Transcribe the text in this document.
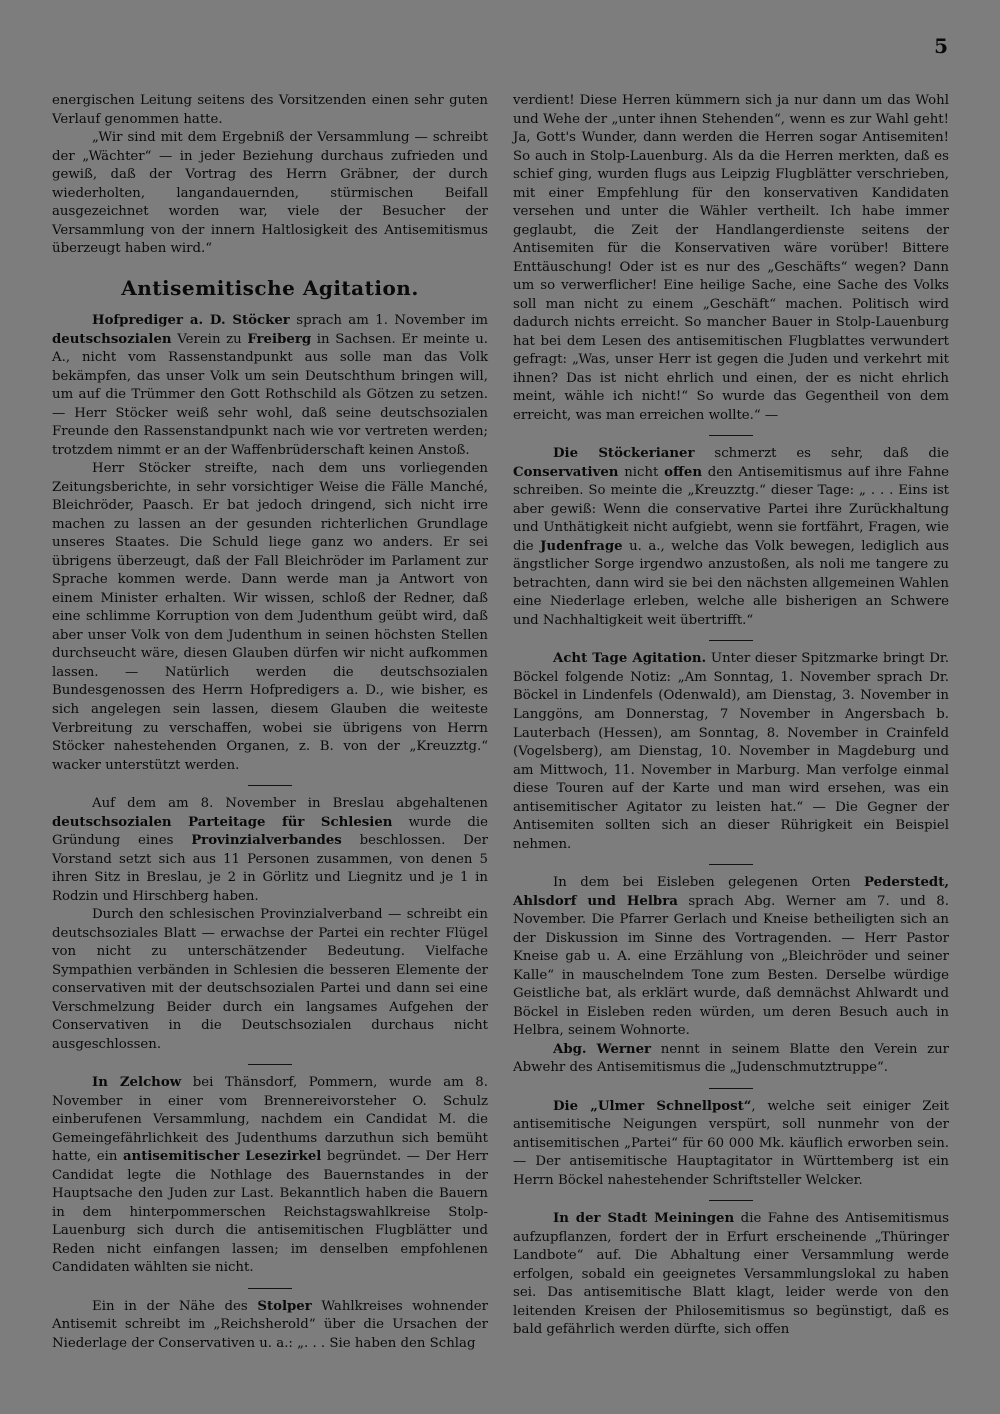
5

energischen Leitung seitens des Vorsitzenden einen sehr guten Verlauf genommen hatte.

„Wir sind mit dem Ergebniß der Versammlung — schreibt der „Wächter“ — in jeder Beziehung durchaus zufrieden und gewiß, daß der Vortrag des Herrn Gräbner, der durch wiederholten, langandauernden, stürmischen Beifall ausgezeichnet worden war, viele der Besucher der Versammlung von der innern Haltlosigkeit des Antisemitismus überzeugt haben wird.“

Antisemitische Agitation.

Hofprediger a. D. Stöcker sprach am 1. November im deutschsozialen Verein zu Freiberg in Sachsen. Er meinte u. A., nicht vom Rassenstandpunkt aus solle man das Volk bekämpfen, das unser Volk um sein Deutschthum bringen will, um auf die Trümmer den Gott Rothschild als Götzen zu setzen. — Herr Stöcker weiß sehr wohl, daß seine deutschsozialen Freunde den Rassenstandpunkt nach wie vor vertreten werden; trotzdem nimmt er an der Waffenbrüderschaft keinen Anstoß.

Herr Stöcker streifte, nach dem uns vorliegenden Zeitungsberichte, in sehr vorsichtiger Weise die Fälle Manché, Bleichröder, Paasch. Er bat jedoch dringend, sich nicht irre machen zu lassen an der gesunden richterlichen Grundlage unseres Staates. Die Schuld liege ganz wo anders. Er sei übrigens überzeugt, daß der Fall Bleichröder im Parlament zur Sprache kommen werde. Dann werde man ja Antwort von einem Minister erhalten. Wir wissen, schloß der Redner, daß eine schlimme Korruption von dem Judenthum geübt wird, daß aber unser Volk von dem Judenthum in seinen höchsten Stellen durchseucht wäre, diesen Glauben dürfen wir nicht aufkommen lassen. — Natürlich werden die deutschsozialen Bundesgenossen des Herrn Hofpredigers a. D., wie bisher, es sich angelegen sein lassen, diesem Glauben die weiteste Verbreitung zu verschaffen, wobei sie übrigens von Herrn Stöcker nahestehenden Organen, z. B. von der „Kreuzztg.“ wacker unterstützt werden.

Auf dem am 8. November in Breslau abgehaltenen deutschsozialen Parteitage für Schlesien wurde die Gründung eines Provinzialverbandes beschlossen. Der Vorstand setzt sich aus 11 Personen zusammen, von denen 5 ihren Sitz in Breslau, je 2 in Görlitz und Liegnitz und je 1 in Rodzin und Hirschberg haben.

Durch den schlesischen Provinzialverband — schreibt ein deutschsoziales Blatt — erwachse der Partei ein rechter Flügel von nicht zu unterschätzender Bedeutung. Vielfache Sympathien verbänden in Schlesien die besseren Elemente der conservativen mit der deutschsozialen Partei und dann sei eine Verschmelzung Beider durch ein langsames Aufgehen der Conservativen in die Deutschsozialen durchaus nicht ausgeschlossen.

In Zelchow bei Thänsdorf, Pommern, wurde am 8. November in einer vom Brennereivorsteher O. Schulz einberufenen Versammlung, nachdem ein Candidat M. die Gemeingefährlichkeit des Judenthums darzuthun sich bemüht hatte, ein antisemitischer Lesezirkel begründet. — Der Herr Candidat legte die Nothlage des Bauernstandes in der Hauptsache den Juden zur Last. Bekanntlich haben die Bauern in dem hinterpommerschen Reichstagswahlkreise Stolp-Lauenburg sich durch die antisemitischen Flugblätter und Reden nicht einfangen lassen; im denselben empfohlenen Candidaten wählten sie nicht.

Ein in der Nähe des Stolper Wahlkreises wohnender Antisemit schreibt im „Reichsherold“ über die Ursachen der Niederlage der Conservativen u. a.: „. . . Sie haben den Schlag

verdient! Diese Herren kümmern sich ja nur dann um das Wohl und Wehe der „unter ihnen Stehenden“, wenn es zur Wahl geht! Ja, Gott's Wunder, dann werden die Herren sogar Antisemiten! So auch in Stolp-Lauenburg. Als da die Herren merkten, daß es schief ging, wurden flugs aus Leipzig Flugblätter verschrieben, mit einer Empfehlung für den konservativen Kandidaten versehen und unter die Wähler vertheilt. Ich habe immer geglaubt, die Zeit der Handlangerdienste seitens der Antisemiten für die Konservativen wäre vorüber! Bittere Enttäuschung! Oder ist es nur des „Geschäfts“ wegen? Dann um so verwerflicher! Eine heilige Sache, eine Sache des Volks soll man nicht zu einem „Geschäft“ machen. Politisch wird dadurch nichts erreicht. So mancher Bauer in Stolp-Lauenburg hat bei dem Lesen des antisemitischen Flugblattes verwundert gefragt: „Was, unser Herr ist gegen die Juden und verkehrt mit ihnen? Das ist nicht ehrlich und einen, der es nicht ehrlich meint, wähle ich nicht!“ So wurde das Gegentheil von dem erreicht, was man erreichen wollte.“ —

Die Stöckerianer schmerzt es sehr, daß die Conservativen nicht offen den Antisemitismus auf ihre Fahne schreiben. So meinte die „Kreuzztg.“ dieser Tage: „ . . . Eins ist aber gewiß: Wenn die conservative Partei ihre Zurückhaltung und Unthätigkeit nicht aufgiebt, wenn sie fortfährt, Fragen, wie die Judenfrage u. a., welche das Volk bewegen, lediglich aus ängstlicher Sorge irgendwo anzustoßen, als noli me tangere zu betrachten, dann wird sie bei den nächsten allgemeinen Wahlen eine Niederlage erleben, welche alle bisherigen an Schwere und Nachhaltigkeit weit übertrifft.“

Acht Tage Agitation. Unter dieser Spitzmarke bringt Dr. Böckel folgende Notiz: „Am Sonntag, 1. November sprach Dr. Böckel in Lindenfels (Odenwald), am Dienstag, 3. November in Langgöns, am Donnerstag, 7 November in Angersbach b. Lauterbach (Hessen), am Sonntag, 8. November in Crainfeld (Vogelsberg), am Dienstag, 10. November in Magdeburg und am Mittwoch, 11. November in Marburg. Man verfolge einmal diese Touren auf der Karte und man wird ersehen, was ein antisemitischer Agitator zu leisten hat.“ — Die Gegner der Antisemiten sollten sich an dieser Rührigkeit ein Beispiel nehmen.

In dem bei Eisleben gelegenen Orten Pederstedt, Ahlsdorf und Helbra sprach Abg. Werner am 7. und 8. November. Die Pfarrer Gerlach und Kneise betheiligten sich an der Diskussion im Sinne des Vortragenden. — Herr Pastor Kneise gab u. A. eine Erzählung von „Bleichröder und seiner Kalle“ in mauschelndem Tone zum Besten. Derselbe würdige Geistliche bat, als erklärt wurde, daß demnächst Ahlwardt und Böckel in Eisleben reden würden, um deren Besuch auch in Helbra, seinem Wohnorte.

Abg. Werner nennt in seinem Blatte den Verein zur Abwehr des Antisemitismus die „Judenschmutztruppe“.

Die „Ulmer Schnellpost“, welche seit einiger Zeit antisemitische Neigungen verspürt, soll nunmehr von der antisemitischen „Partei“ für 60 000 Mk. käuflich erworben sein. — Der antisemitische Hauptagitator in Württemberg ist ein Herrn Böckel nahestehender Schriftsteller Welcker.

In der Stadt Meiningen die Fahne des Antisemitismus aufzupflanzen, fordert der in Erfurt erscheinende „Thüringer Landbote“ auf. Die Abhaltung einer Versammlung werde erfolgen, sobald ein geeignetes Versammlungslokal zu haben sei. Das antisemitische Blatt klagt, leider werde von den leitenden Kreisen der Philosemitismus so begünstigt, daß es bald gefährlich werden dürfte, sich offen
